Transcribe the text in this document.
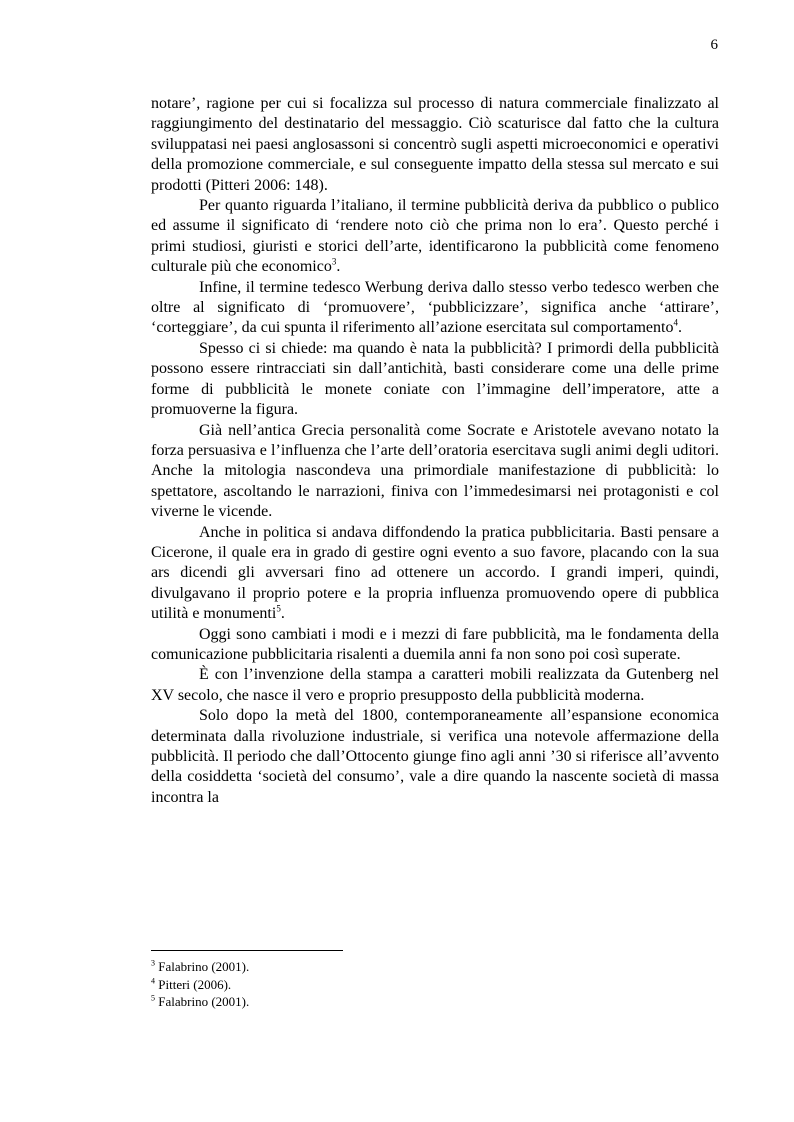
6

notare’, ragione per cui si focalizza sul processo di natura commerciale finalizzato al raggiungimento del destinatario del messaggio. Ciò scaturisce dal fatto che la cultura sviluppatasi nei paesi anglosassoni si concentrò sugli aspetti microeconomici e operativi della promozione commerciale, e sul conseguente impatto della stessa sul mercato e sui prodotti (Pitteri 2006: 148).

Per quanto riguarda l’italiano, il termine pubblicità deriva da pubblico o publico ed assume il significato di ‘rendere noto ciò che prima non lo era’. Questo perché i primi studiosi, giuristi e storici dell’arte, identificarono la pubblicità come fenomeno culturale più che economico$^3$.

Infine, il termine tedesco Werbung deriva dallo stesso verbo tedesco werben che oltre al significato di ‘promuovere’, ‘pubblicizzare’, significa anche ‘attirare’, ‘corteggiare’, da cui spunta il riferimento all’azione esercitata sul comportamento$^4$.

Spesso ci si chiede: ma quando è nata la pubblicità? I primordi della pubblicità possono essere rintracciati sin dall’antichità, basti considerare come una delle prime forme di pubblicità le monete coniate con l’immagine dell’imperatore, atte a promuoverne la figura.

Già nell’antica Grecia personalità come Socrate e Aristotele avevano notato la forza persuasiva e l’influenza che l’arte dell’oratoria esercitava sugli animi degli uditori. Anche la mitologia nascondeva una primordiale manifestazione di pubblicità: lo spettatore, ascoltando le narrazioni, finiva con l’immedesimarsi nei protagonisti e col viverne le vicende.

Anche in politica si andava diffondendo la pratica pubblicitaria. Basti pensare a Cicerone, il quale era in grado di gestire ogni evento a suo favore, placando con la sua ars dicendi gli avversari fino ad ottenere un accordo. I grandi imperi, quindi, divulgavano il proprio potere e la propria influenza promuovendo opere di pubblica utilità e monumenti$^5$.

Oggi sono cambiati i modi e i mezzi di fare pubblicità, ma le fondamenta della comunicazione pubblicitaria risalenti a duemila anni fa non sono poi così superate.

È con l’invenzione della stampa a caratteri mobili realizzata da Gutenberg nel XV secolo, che nasce il vero e proprio presupposto della pubblicità moderna.

Solo dopo la metà del 1800, contemporaneamente all’espansione economica determinata dalla rivoluzione industriale, si verifica una notevole affermazione della pubblicità. Il periodo che dall’Ottocento giunge fino agli anni ’30 si riferisce all’avvento della cosiddetta ‘società del consumo’, vale a dire quando la nascente società di massa incontra la

$^3$ Falabrino (2001).

$^4$ Pitteri (2006).

$^5$ Falabrino (2001).
